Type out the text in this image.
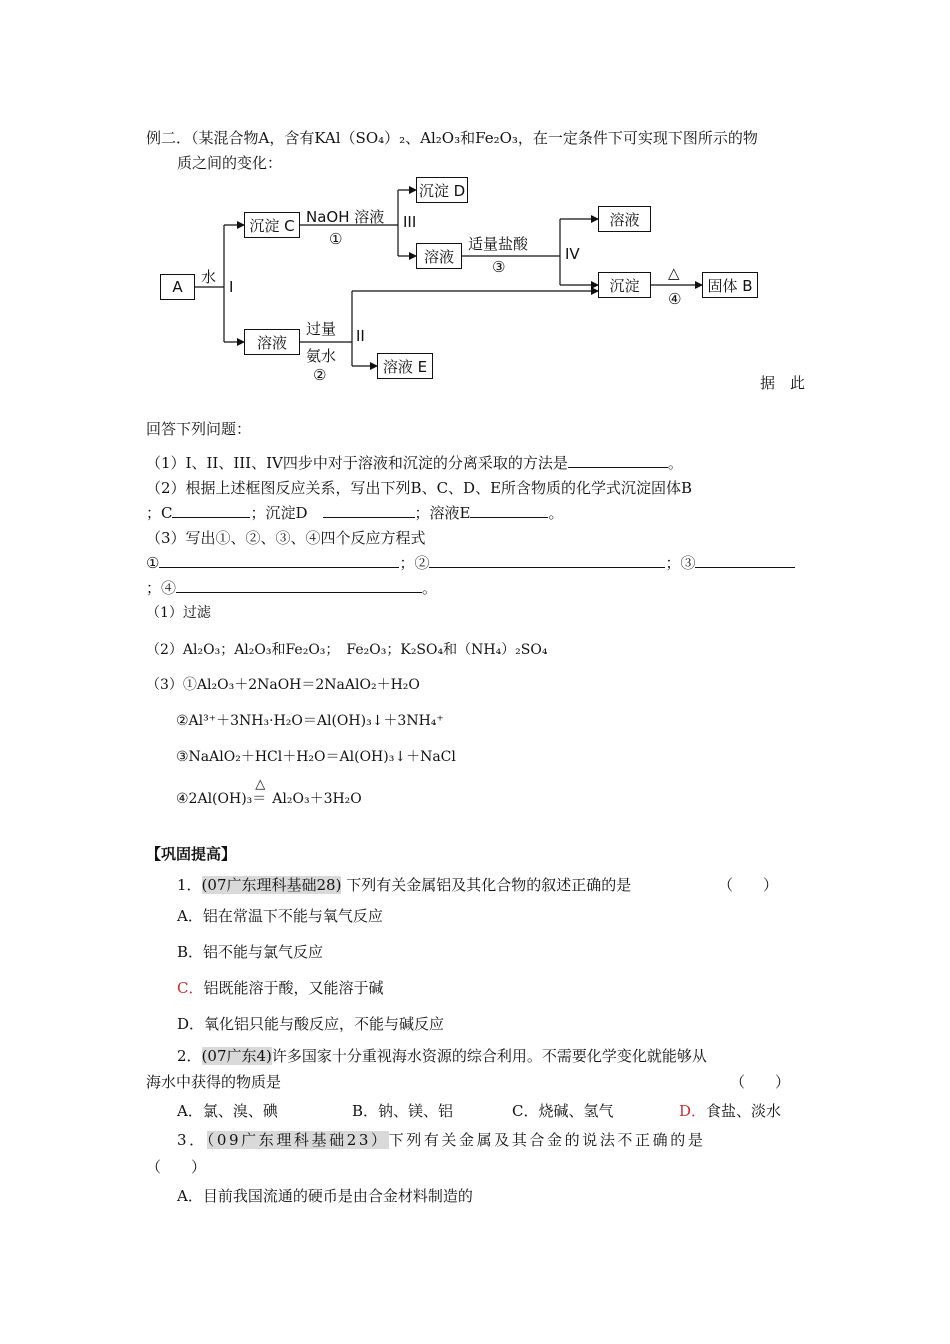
例二．（某混合物A，含有KAl（SO₄）₂、Al₂O₃和Fe₂O₃，在一定条件下可实现下图所示的物
质之间的变化：
A
沉淀 C
溶液
沉淀 D
溶液
溶液 E
溶液
沉淀	固体 B
水
I
NaOH 溶液
①
III
适量盐酸
③
IV
△
④
过量
氨水
②
II
据　此
回答下列问题：
（1）I、II、III、IV四步中对于溶液和沉淀的分离采取的方法是	。
（2）根据上述框图反应关系，写出下列B、C、D、E所含物质的化学式沉淀固体B
；C	；沉淀D　	；溶液E	。
（3）写出①、②、③、④四个反应方程式
①	；②	；③
；④	。
（1）过滤
（2）Al₂O₃；Al₂O₃和Fe₂O₃；　Fe₂O₃；K₂SO₄和（NH₄）₂SO₄
（3）①Al₂O₃＋2NaOH＝2NaAlO₂＋H₂O
②Al³⁺＋3NH₃·H₂O＝Al(OH)₃↓＋3NH₄⁺
③NaAlO₂＋HCl＋H₂O＝Al(OH)₃↓＋NaCl
④2Al(OH)₃
△
＝ Al₂O₃＋3H₂O
【巩固提高】
1．(07广东理科基础28) 下列有关金属铝及其化合物的叙述正确的是	（　　）
A．铝在常温下不能与氧气反应
B．铝不能与氯气反应
C．铝既能溶于酸，又能溶于碱
D．氧化铝只能与酸反应，不能与碱反应
2．(07广东4)许多国家十分重视海水资源的综合利用。不需要化学变化就能够从
海水中获得的物质是	（　　）
A．氯、溴、碘	B．钠、镁、铝	C．烧碱、氢气	D．食盐、淡水
3．（09广东理科基础23）下列有关金属及其合金的说法不正确的是
（　　）
A．目前我国流通的硬币是由合金材料制造的
